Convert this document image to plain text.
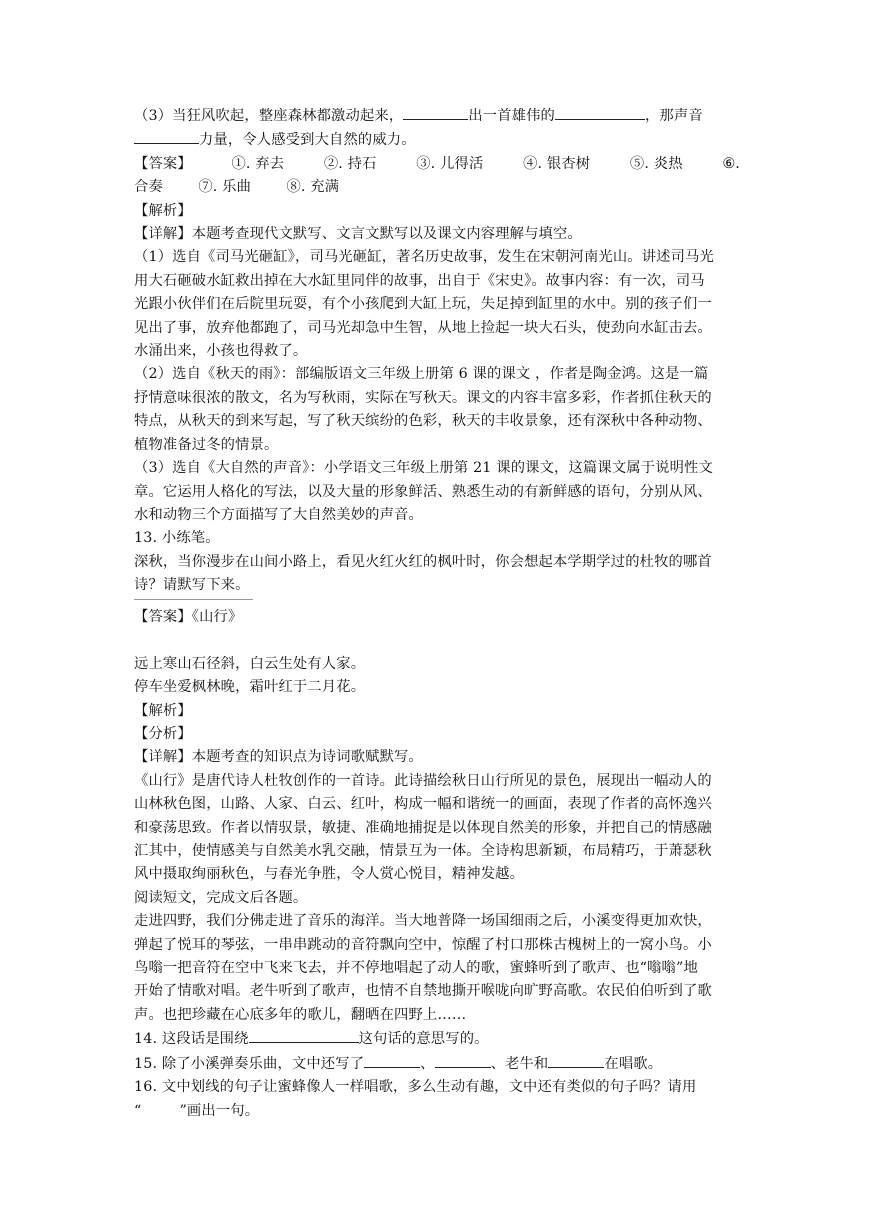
（3）当狂风吹起，整座森林都激动起来，	出一首雄伟的	，那声音
力量，令人感受到大自然的威力。
【答案】	①. 弃去	②. 持石	③. 儿得活	④. 银杏树	⑤. 炎热	⑥.
合奏 ⑦. 乐曲 ⑧. 充满
【解析】
【详解】本题考查现代文默写、文言文默写以及课文内容理解与填空。
（1）选自《司马光砸缸》，司马光砸缸，著名历史故事，发生在宋朝河南光山。讲述司马光
用大石砸破水缸救出掉在大水缸里同伴的故事，出自于《宋史》。故事内容：有一次，司马
光跟小伙伴们在后院里玩耍，有个小孩爬到大缸上玩，失足掉到缸里的水中。别的孩子们一
见出了事，放弃他都跑了，司马光却急中生智，从地上捡起一块大石头，使劲向水缸击去。
水涌出来，小孩也得救了。
（2）选自《秋天的雨》：部编版语文三年级上册第 6 课的课文 ，作者是陶金鸿。这是一篇
抒情意味很浓的散文，名为写秋雨，实际在写秋天。课文的内容丰富多彩，作者抓住秋天的
特点，从秋天的到来写起，写了秋天缤纷的色彩，秋天的丰收景象，还有深秋中各种动物、
植物准备过冬的情景。
（3）选自《大自然的声音》：小学语文三年级上册第 21 课的课文，这篇课文属于说明性文
章。它运用人格化的写法，以及大量的形象鲜活、熟悉生动的有新鲜感的语句，分别从风、
水和动物三个方面描写了大自然美妙的声音。
13. 小练笔。
深秋，当你漫步在山间小路上，看见火红火红的枫叶时，你会想起本学期学过的杜牧的哪首
诗？请默写下来。
【答案】《山行》
远上寒山石径斜，白云生处有人家。
停车坐爱枫林晚，霜叶红于二月花。
【解析】
【分析】
【详解】本题考查的知识点为诗词歌赋默写。
《山行》是唐代诗人杜牧创作的一首诗。此诗描绘秋日山行所见的景色，展现出一幅动人的
山林秋色图，山路、人家、白云、红叶，构成一幅和谐统一的画面，表现了作者的高怀逸兴
和豪荡思致。作者以情驭景，敏捷、准确地捕捉是以体现自然美的形象，并把自己的情感融
汇其中，使情感美与自然美水乳交融，情景互为一体。全诗构思新颖，布局精巧，于萧瑟秋
风中摄取绚丽秋色，与春光争胜，令人赏心悦目，精神发越。
阅读短文，完成文后各题。
走进四野，我们分佛走进了音乐的海洋。当大地普降一场国细雨之后，小溪变得更加欢快，
弹起了悦耳的琴弦，一串串跳动的音符飘向空中，惊醒了村口那株古槐树上的一窝小鸟。小
鸟嗡一把音符在空中飞来飞去，并不停地唱起了动人的歌，蜜蜂听到了歌声、也“嗡嗡”地
开始了情歌对唱。老牛听到了歌声，也情不自禁地撕开喉咙向旷野高歌。农民伯伯听到了歌
声。也把珍藏在心底多年的歌儿，翻晒在四野上……
14. 这段话是围绕	这句话的意思写的。
15. 除了小溪弹奏乐曲，文中还写了	、	、老牛和	在唱歌。
16. 文中划线的句子让蜜蜂像人一样唱歌，多么生动有趣，文中还有类似的句子吗？请用
“	”画出一句。
